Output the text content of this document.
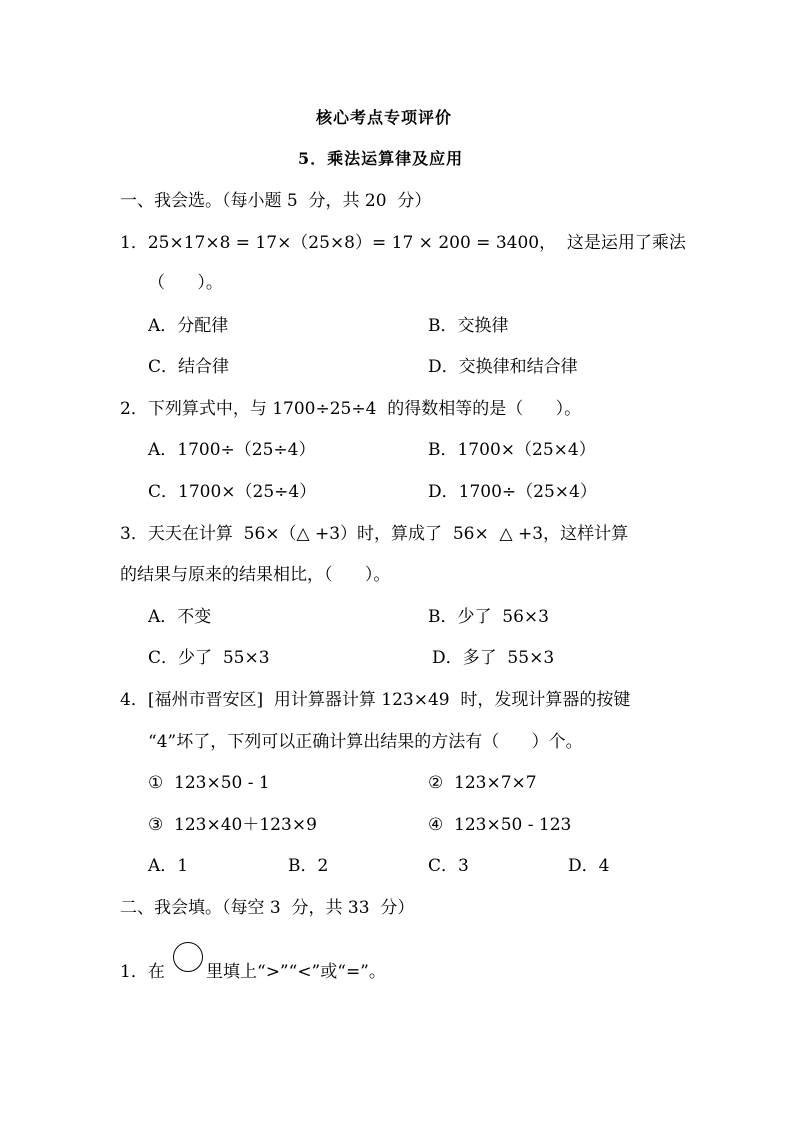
核心考点专项评价
5．乘法运算律及应用
一、我会选。（每小题 5  分，共 20  分）
1．25×17×8 = 17×（25×8）= 17 × 200 = 3400，  这是运用了乘法
（      ）。
A．分配律	B．交换律
C．结合律	D．交换律和结合律
2．下列算式中，与 1700÷25÷4  的得数相等的是（      ）。
A．1700÷（25÷4）	B．1700×（25×4）
C．1700×（25÷4）	D．1700÷（25×4）
3．天天在计算  56×（△ +3）时，算成了  56×  △ +3，这样计算
的结果与原来的结果相比，（      ）。
A．不变	B．少了  56×3
C．少了  55×3	D．多了  55×3
4．[福州市晋安区]  用计算器计算 123×49  时，发现计算器的按键
“4”坏了，下列可以正确计算出结果的方法有（      ）个。
①  123×50 - 1	②  123×7×7
③  123×40＋123×9	④  123×50 - 123
A．1	B．2	C．3	D．4
二、我会填。（每空 3  分，共 33  分）
1．在 里填上“>”“<”或“=”。
